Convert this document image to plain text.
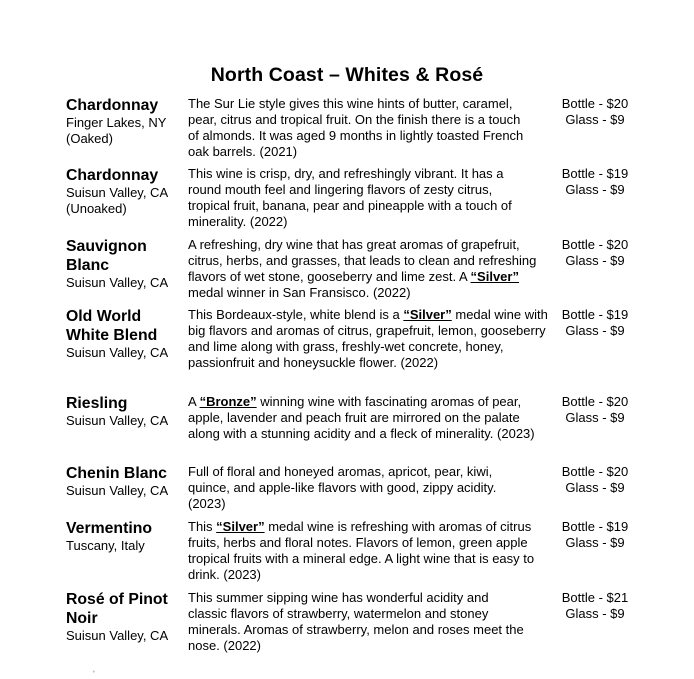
North Coast – Whites & Rosé
Chardonnay
Finger Lakes, NY
(Oaked)
The Sur Lie style gives this wine hints of butter, caramel,
pear, citrus and tropical fruit. On the finish there is a touch
of almonds. It was aged 9 months in lightly toasted French
oak barrels. (2021)
Bottle - $20
Glass - $9
Chardonnay
Suisun Valley, CA
(Unoaked)
This wine is crisp, dry, and refreshingly vibrant. It has a
round mouth feel and lingering flavors of zesty citrus,
tropical fruit, banana, pear and pineapple with a touch of
minerality. (2022)
Bottle - $19
Glass - $9
Sauvignon
Blanc
Suisun Valley, CA
A refreshing, dry wine that has great aromas of grapefruit, citrus, herbs, and grasses, that leads to clean and refreshing flavors of wet stone, gooseberry and lime zest. A “Silver” medal winner in San Fransisco. (2022)
Bottle - $20
Glass - $9
Old World
White Blend
Suisun Valley, CA
This Bordeaux-style, white blend is a “Silver” medal wine with big flavors and aromas of citrus, grapefruit, lemon, gooseberry and lime along with grass, freshly-wet concrete, honey, passionfruit and honeysuckle flower. (2022)
Bottle - $19
Glass - $9
Riesling
Suisun Valley, CA
A “Bronze” winning wine with fascinating aromas of pear, apple, lavender and peach fruit are mirrored on the palate along with a stunning acidity and a fleck of minerality. (2023)
Bottle - $20
Glass - $9
Chenin Blanc
Suisun Valley, CA
Full of floral and honeyed aromas, apricot, pear, kiwi,
quince, and apple-like flavors with good, zippy acidity.
(2023)
Bottle - $20
Glass - $9
Vermentino
Tuscany, Italy
This “Silver” medal wine is refreshing with aromas of citrus fruits, herbs and floral notes. Flavors of lemon, green apple tropical fruits with a mineral edge. A light wine that is easy to drink. (2023)
Bottle - $19
Glass - $9
Rosé of Pinot
Noir
Suisun Valley, CA
This summer sipping wine has wonderful acidity and
classic flavors of strawberry, watermelon and stoney
minerals. Aromas of strawberry, melon and roses meet the
nose. (2022)
Bottle - $21
Glass - $9
ʼ
